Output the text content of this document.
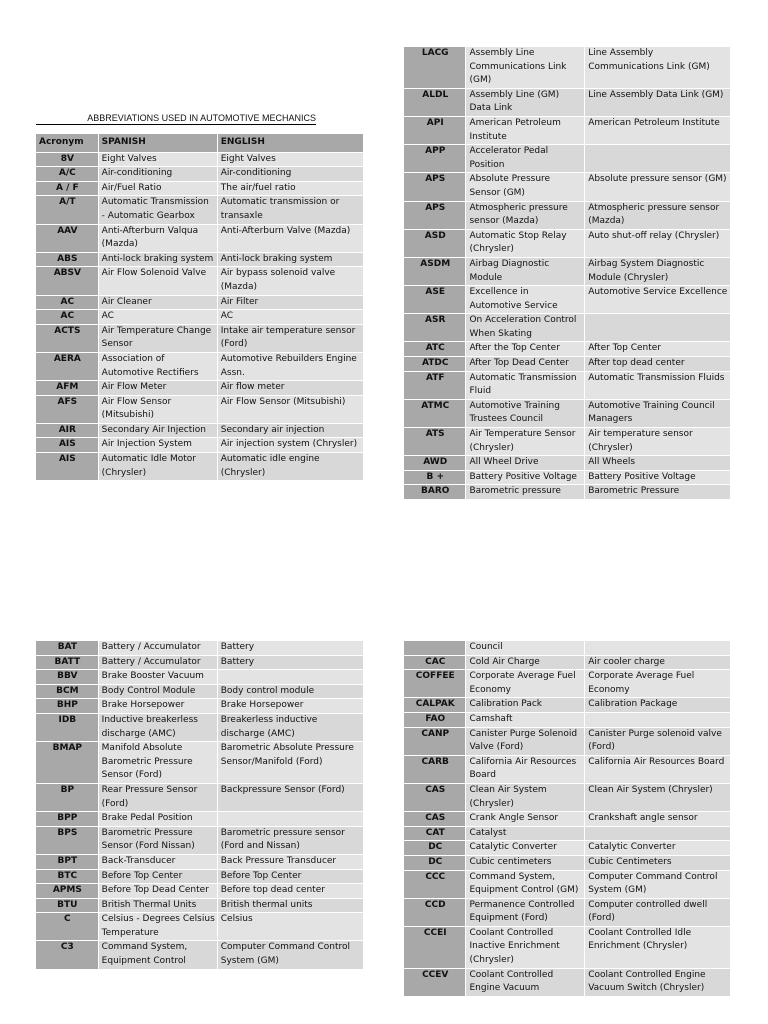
ABBREVIATIONS USED IN AUTOMOTIVE MECHANICS
Acronym	SPANISH	ENGLISH
8V	Eight Valves	Eight Valves
A/C	Air-conditioning	Air-conditioning
A / F	Air/Fuel Ratio	The air/fuel ratio
A/T	Automatic Transmission - Automatic Gearbox	Automatic transmission or transaxle
AAV	Anti-Afterburn Valqua (Mazda)	Anti-Afterburn Valve (Mazda)
ABS	Anti-lock braking system	Anti-lock braking system
ABSV	Air Flow Solenoid Valve	Air bypass solenoid valve (Mazda)
AC	Air Cleaner	Air Filter
AC	AC	AC
ACTS	Air Temperature Change Sensor	Intake air temperature sensor (Ford)
AERA	Association of Automotive Rectifiers	Automotive Rebuilders Engine Assn.
AFM	Air Flow Meter	Air flow meter
AFS	Air Flow Sensor (Mitsubishi)	Air Flow Sensor (Mitsubishi)
AIR	Secondary Air Injection	Secondary air injection
AIS	Air Injection System	Air injection system (Chrysler)
AIS	Automatic Idle Motor (Chrysler)	Automatic idle engine (Chrysler)
LACG	Assembly Line Communications Link (GM)	Line Assembly Communications Link (GM)
ALDL	Assembly Line (GM) Data Link	Line Assembly Data Link (GM)
API	American Petroleum Institute	American Petroleum Institute
APP	Accelerator Pedal Position	
APS	Absolute Pressure Sensor (GM)	Absolute pressure sensor (GM)
APS	Atmospheric pressure sensor (Mazda)	Atmospheric pressure sensor (Mazda)
ASD	Automatic Stop Relay (Chrysler)	Auto shut-off relay (Chrysler)
ASDM	Airbag Diagnostic Module	Airbag System Diagnostic Module (Chrysler)
ASE	Excellence in Automotive Service	Automotive Service Excellence
ASR	On Acceleration Control When Skating	
ATC	After the Top Center	After Top Center
ATDC	After Top Dead Center	After top dead center
ATF	Automatic Transmission Fluid	Automatic Transmission Fluids
ATMC	Automotive Training Trustees Council	Automotive Training Council Managers
ATS	Air Temperature Sensor (Chrysler)	Air temperature sensor (Chrysler)
AWD	All Wheel Drive	All Wheels
B +	Battery Positive Voltage	Battery Positive Voltage
BARO	Barometric pressure	Barometric Pressure
BAT	Battery / Accumulator	Battery
BATT	Battery / Accumulator	Battery
BBV	Brake Booster Vacuum	
BCM	Body Control Module	Body control module
BHP	Brake Horsepower	Brake Horsepower
IDB	Inductive breakerless discharge (AMC)	Breakerless inductive discharge (AMC)
BMAP	Manifold Absolute Barometric Pressure Sensor (Ford)	Barometric Absolute Pressure Sensor/Manifold (Ford)
BP	Rear Pressure Sensor (Ford)	Backpressure Sensor (Ford)
BPP	Brake Pedal Position	
BPS	Barometric Pressure Sensor (Ford Nissan)	Barometric pressure sensor (Ford and Nissan)
BPT	Back-Transducer	Back Pressure Transducer
BTC	Before Top Center	Before Top Center
APMS	Before Top Dead Center	Before top dead center
BTU	British Thermal Units	British thermal units
C	Celsius - Degrees Celsius Temperature	Celsius
C3	Command System, Equipment Control	Computer Command Control System (GM)
	Council	
CAC	Cold Air Charge	Air cooler charge
COFFEE	Corporate Average Fuel Economy	Corporate Average Fuel Economy
CALPAK	Calibration Pack	Calibration Package
FAO	Camshaft	
CANP	Canister Purge Solenoid Valve (Ford)	Canister Purge solenoid valve (Ford)
CARB	California Air Resources Board	California Air Resources Board
CAS	Clean Air System (Chrysler)	Clean Air System (Chrysler)
CAS	Crank Angle Sensor	Crankshaft angle sensor
CAT	Catalyst	
DC	Catalytic Converter	Catalytic Converter
DC	Cubic centimeters	Cubic Centimeters
CCC	Command System, Equipment Control (GM)	Computer Command Control System (GM)
CCD	Permanence Controlled Equipment (Ford)	Computer controlled dwell (Ford)
CCEI	Coolant Controlled Inactive Enrichment (Chrysler)	Coolant Controlled Idle Enrichment (Chrysler)
CCEV	Coolant Controlled Engine Vacuum	Coolant Controlled Engine Vacuum Switch (Chrysler)
